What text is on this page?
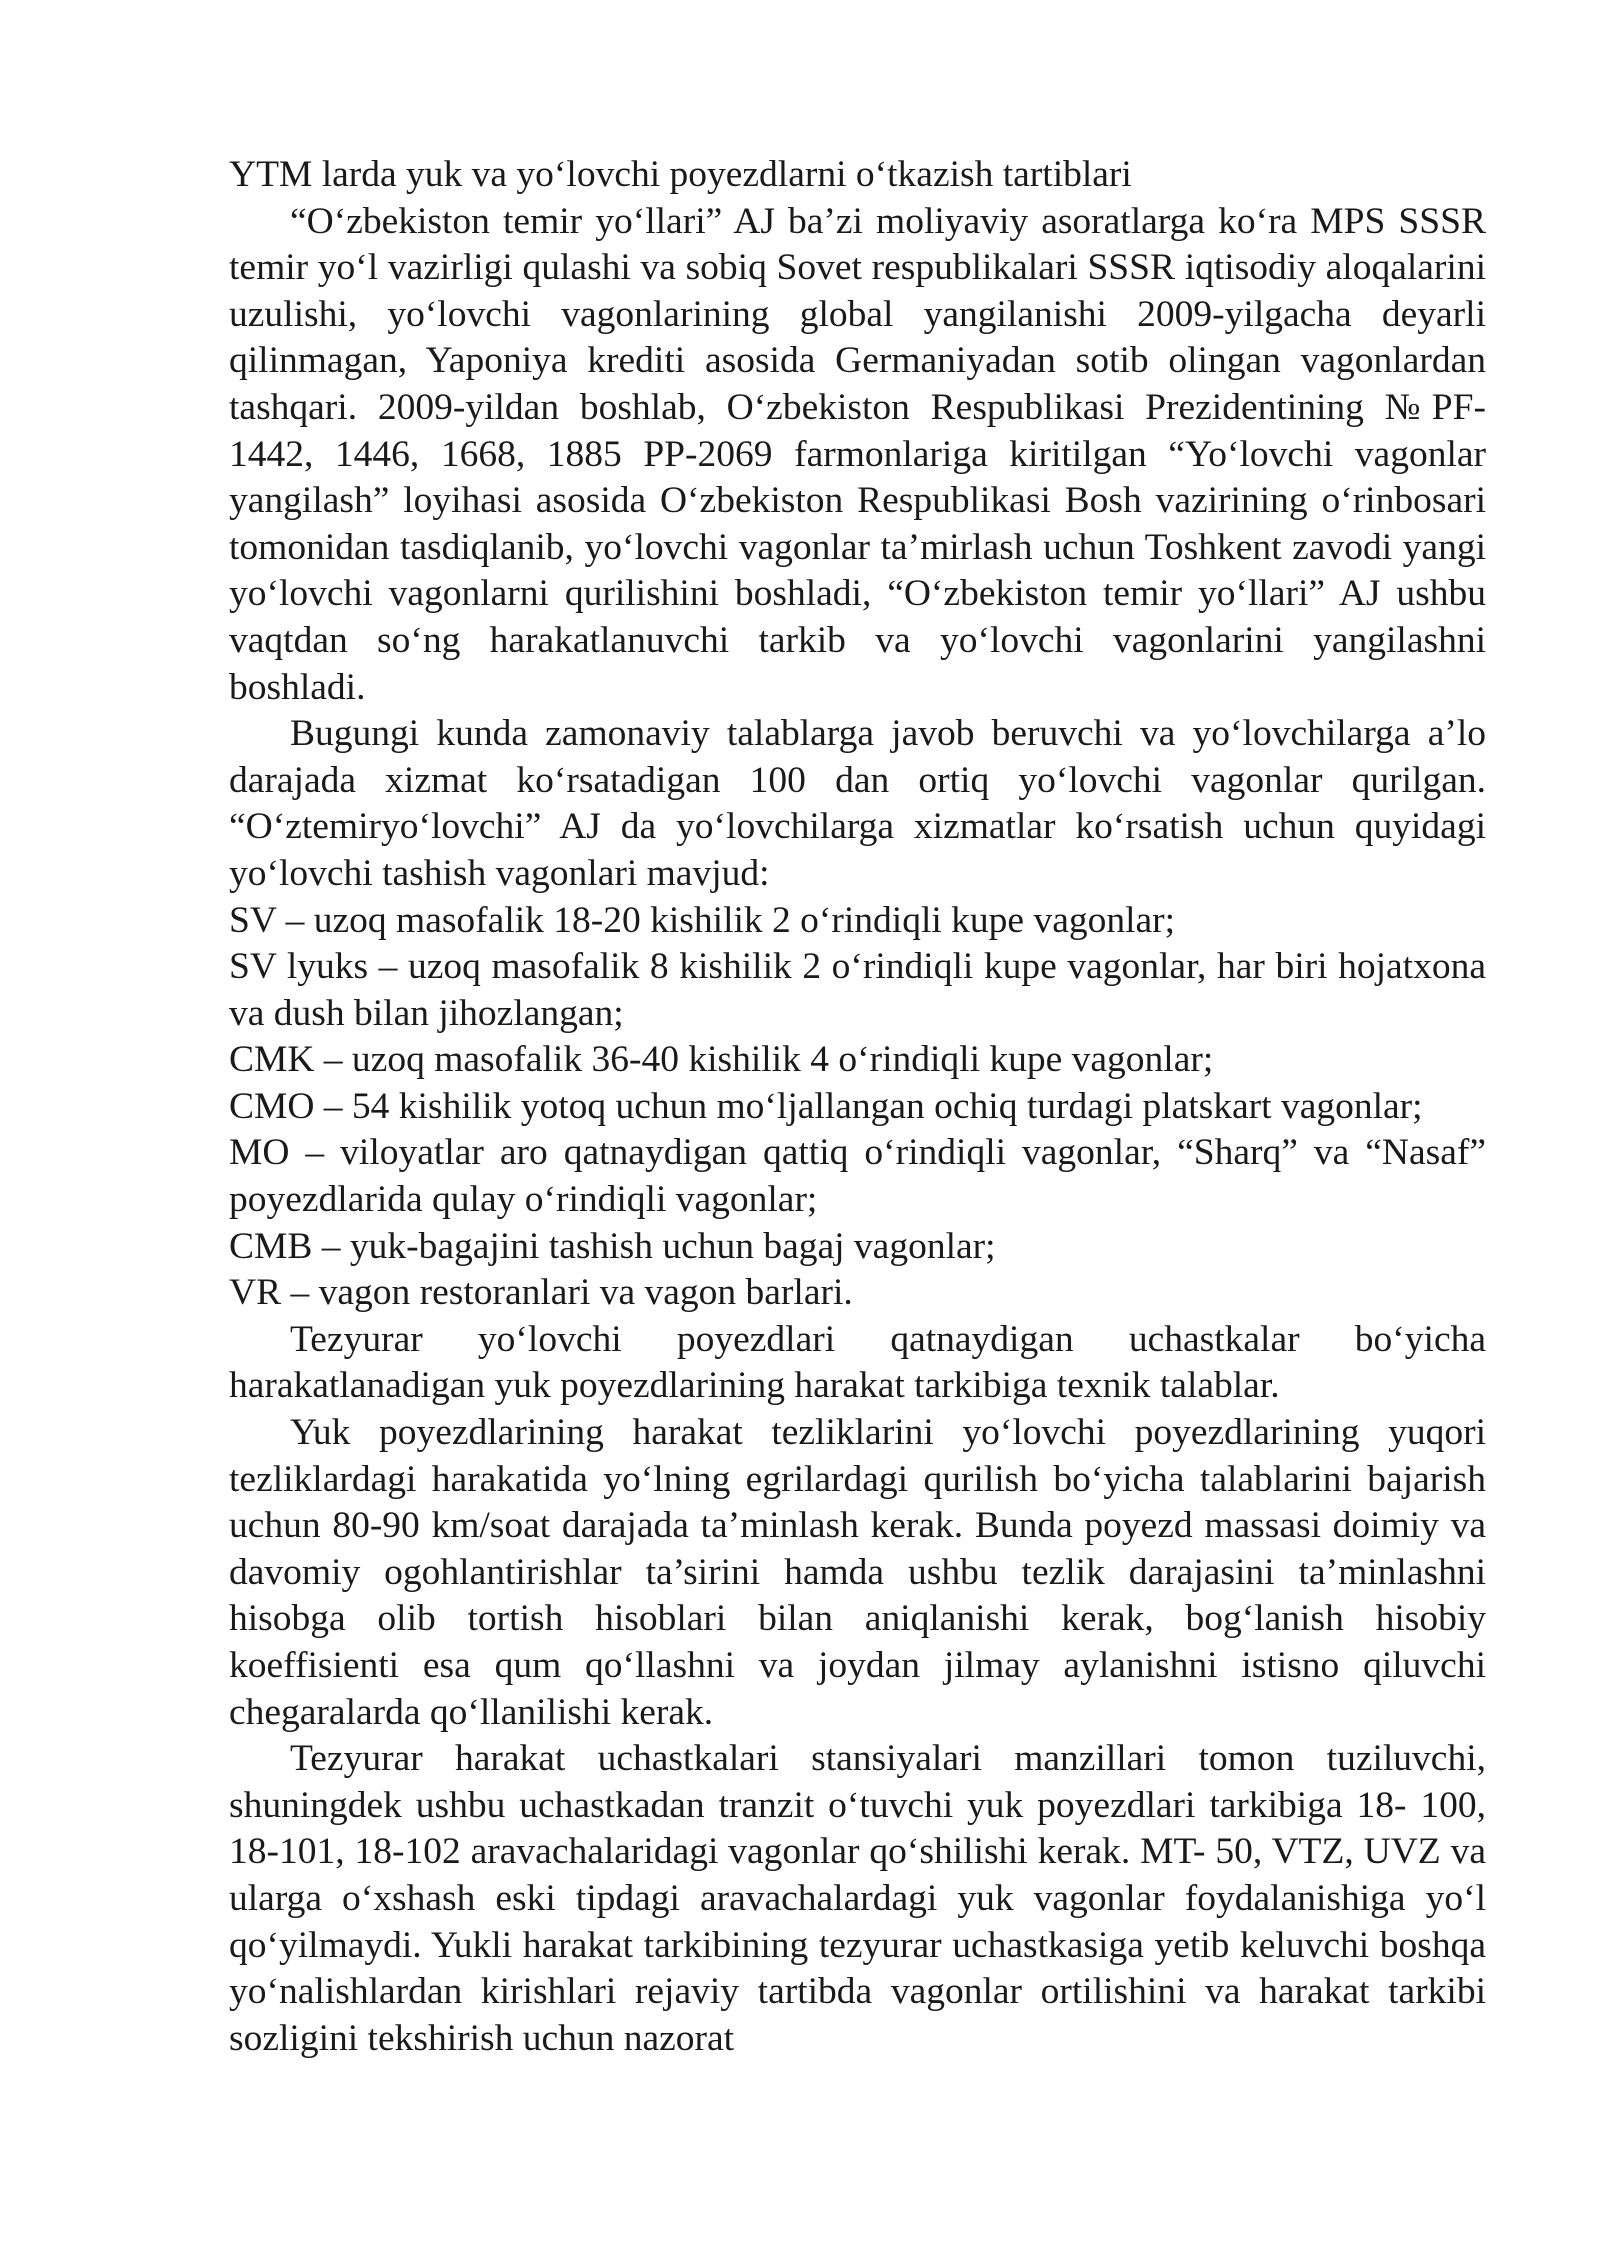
YTM larda yuk va yo‘lovchi poyezdlarni o‘tkazish tartiblari

“O‘zbekiston temir yo‘llari” AJ ba’zi moliyaviy asoratlarga ko‘ra MPS SSSR temir yo‘l vazirligi qulashi va sobiq Sovet respublikalari SSSR iqtisodiy aloqalarini uzulishi, yo‘lovchi vagonlarining global yangilanishi 2009-yilgacha deyarli qilinmagan, Yaponiya krediti asosida Germaniyadan sotib olingan vagonlardan tashqari. 2009-yildan boshlab, O‘zbekiston Respublikasi Prezidentining №PF-1442, 1446, 1668, 1885 PP-2069 farmonlariga kiritilgan “Yo‘lovchi vagonlar yangilash” loyihasi asosida O‘zbekiston Respublikasi Bosh vazirining o‘rinbosari tomonidan tasdiqlanib, yo‘lovchi vagonlar ta’mirlash uchun Toshkent zavodi yangi yo‘lovchi vagonlarni qurilishini boshladi, “O‘zbekiston temir yo‘llari” AJ ushbu vaqtdan so‘ng harakatlanuvchi tarkib va yo‘lovchi vagonlarini yangilashni boshladi.

Bugungi kunda zamonaviy talablarga javob beruvchi va yo‘lovchilarga a’lo darajada xizmat ko‘rsatadigan 100 dan ortiq yo‘lovchi vagonlar qurilgan. “O‘ztemiryo‘lovchi” AJ da yo‘lovchilarga xizmatlar ko‘rsatish uchun quyidagi yo‘lovchi tashish vagonlari mavjud:

SV – uzoq masofalik 18-20 kishilik 2 o‘rindiqli kupe vagonlar;

SV lyuks – uzoq masofalik 8 kishilik 2 o‘rindiqli kupe vagonlar, har biri hojatxona va dush bilan jihozlangan;

CMK – uzoq masofalik 36-40 kishilik 4 o‘rindiqli kupe vagonlar;

CMO – 54 kishilik yotoq uchun mo‘ljallangan ochiq turdagi platskart vagonlar;

MO – viloyatlar aro qatnaydigan qattiq o‘rindiqli vagonlar, “Sharq” va “Nasaf” poyezdlarida qulay o‘rindiqli vagonlar;

CMB – yuk-bagajini tashish uchun bagaj vagonlar;

VR – vagon restoranlari va vagon barlari.

Tezyurar yo‘lovchi poyezdlari qatnaydigan uchastkalar bo‘yicha harakatlanadigan yuk poyezdlarining harakat tarkibiga texnik talablar.

Yuk poyezdlarining harakat tezliklarini yo‘lovchi poyezdlarining yuqori tezliklardagi harakatida yo‘lning egrilardagi qurilish bo‘yicha talablarini bajarish uchun 80-90 km/soat darajada ta’minlash kerak. Bunda poyezd massasi doimiy va davomiy ogohlantirishlar ta’sirini hamda ushbu tezlik darajasini ta’minlashni hisobga olib tortish hisoblari bilan aniqlanishi kerak, bog‘lanish hisobiy koeffisienti esa qum qo‘llashni va joydan jilmay aylanishni istisno qiluvchi chegaralarda qo‘llanilishi kerak.

Tezyurar harakat uchastkalari stansiyalari manzillari tomon tuziluvchi, shuningdek ushbu uchastkadan tranzit o‘tuvchi yuk poyezdlari tarkibiga 18- 100, 18-101, 18-102 aravachalaridagi vagonlar qo‘shilishi kerak. MT- 50, VTZ, UVZ va ularga o‘xshash eski tipdagi aravachalardagi yuk vagonlar foydalanishiga yo‘l qo‘yilmaydi. Yukli harakat tarkibining tezyurar uchastkasiga yetib keluvchi boshqa yo‘nalishlardan kirishlari rejaviy tartibda vagonlar ortilishini va harakat tarkibi sozligini tekshirish uchun nazorat
